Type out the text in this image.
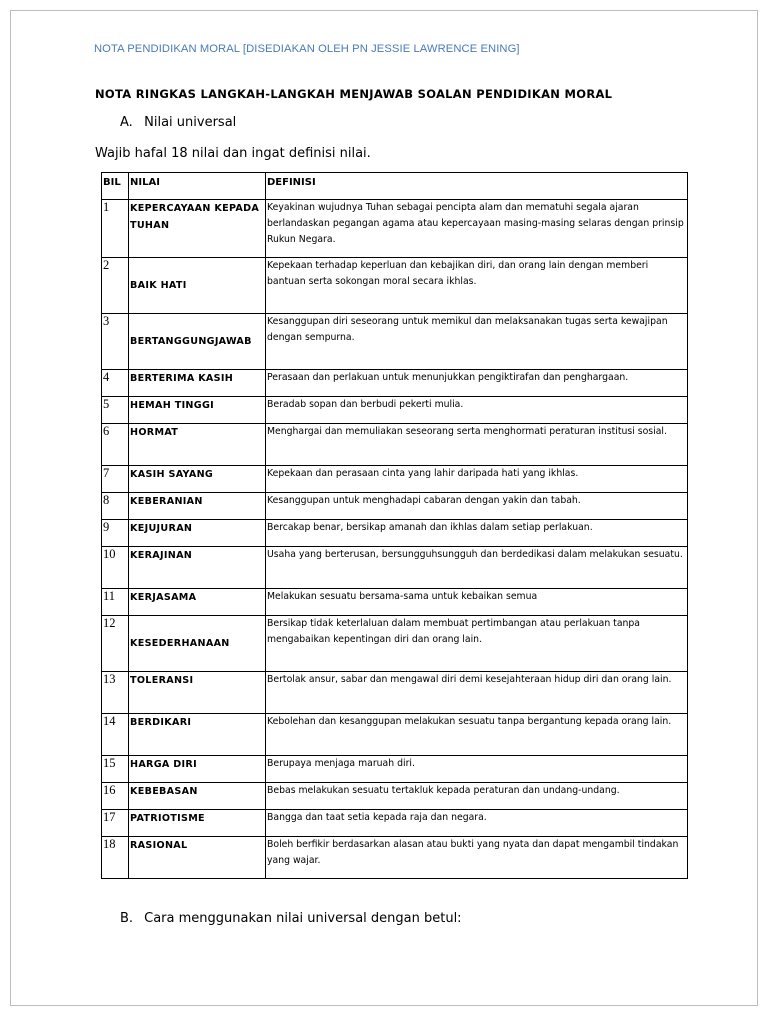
NOTA PENDIDIKAN MORAL [DISEDIAKAN OLEH PN JESSIE LAWRENCE ENING]
NOTA RINGKAS LANGKAH-LANGKAH MENJAWAB SOALAN PENDIDIKAN MORAL
A. Nilai universal
Wajib hafal 18 nilai dan ingat definisi nilai.
BIL	NILAI	DEFINISI
1	KEPERCAYAAN KEPADA TUHAN	Keyakinan wujudnya Tuhan sebagai pencipta alam dan mematuhi segala ajaran berlandaskan pegangan agama atau kepercayaan masing-masing selaras dengan prinsip Rukun Negara.
2	BAIK HATI	Kepekaan terhadap keperluan dan kebajikan diri, dan orang lain dengan memberi bantuan serta sokongan moral secara ikhlas.
3	BERTANGGUNGJAWAB	Kesanggupan diri seseorang untuk memikul dan melaksanakan tugas serta kewajipan dengan sempurna.
4	BERTERIMA KASIH	Perasaan dan perlakuan untuk menunjukkan pengiktirafan dan penghargaan.
5	HEMAH TINGGI	Beradab sopan dan berbudi pekerti mulia.
6	HORMAT	Menghargai dan memuliakan seseorang serta menghormati peraturan institusi sosial.
7	KASIH SAYANG	Kepekaan dan perasaan cinta yang lahir daripada hati yang ikhlas.
8	KEBERANIAN	Kesanggupan untuk menghadapi cabaran dengan yakin dan tabah.
9	KEJUJURAN	Bercakap benar, bersikap amanah dan ikhlas dalam setiap perlakuan.
10	KERAJINAN	Usaha yang berterusan, bersungguhsungguh dan berdedikasi dalam melakukan sesuatu.
11	KERJASAMA	Melakukan sesuatu bersama-sama untuk kebaikan semua
12	KESEDERHANAAN	Bersikap tidak keterlaluan dalam membuat pertimbangan atau perlakuan tanpa mengabaikan kepentingan diri dan orang lain.
13	TOLERANSI	Bertolak ansur, sabar dan mengawal diri demi kesejahteraan hidup diri dan orang lain.
14	BERDIKARI	Kebolehan dan kesanggupan melakukan sesuatu tanpa bergantung kepada orang lain.
15	HARGA DIRI	Berupaya menjaga maruah diri.
16	KEBEBASAN	Bebas melakukan sesuatu tertakluk kepada peraturan dan undang-undang.
17	PATRIOTISME	Bangga dan taat setia kepada raja dan negara.
18	RASIONAL	Boleh berfikir berdasarkan alasan atau bukti yang nyata dan dapat mengambil tindakan yang wajar.
B. Cara menggunakan nilai universal dengan betul:
